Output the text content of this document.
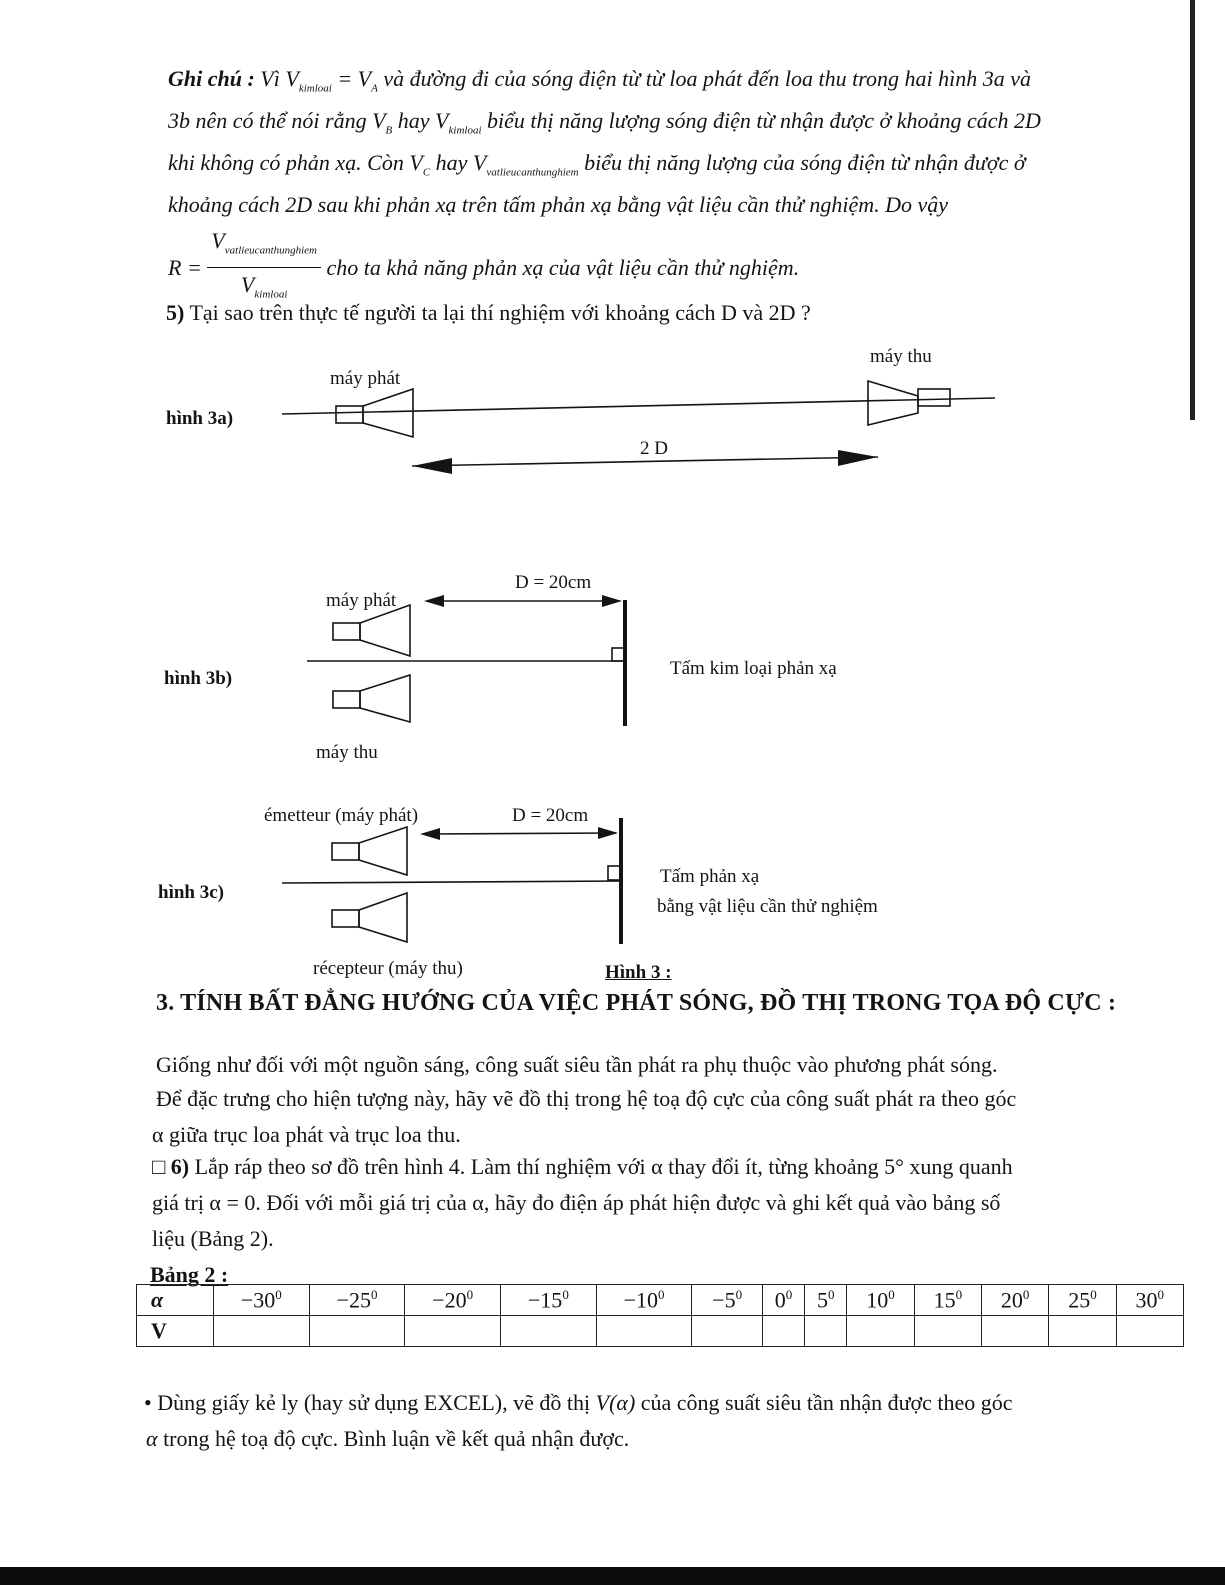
Ghi chú : Vì $V_{kimloai} = V_A$ và đường đi của sóng điện từ từ loa phát đến loa thu trong hai hình 3a và
3b nên có thể nói rằng $V_B$ hay $V_{kimloai}$ biểu thị năng lượng sóng điện từ nhận được ở khoảng cách 2D
khi không có phản xạ. Còn $V_C$ hay $V_{vatlieucanthunghiem}$ biểu thị năng lượng của sóng điện từ nhận được ở
khoảng cách 2D sau khi phản xạ trên tấm phản xạ bằng vật liệu cần thử nghiệm. Do vậy
$R = \frac{V_{vatlieucanthunghiem}}{V_{kimloai}}$ cho ta khả năng phản xạ của vật liệu cần thử nghiệm.
5) Tại sao trên thực tế người ta lại thí nghiệm với khoảng cách D và 2D ?
hình 3a)
máy phát
máy thu
2 D
hình 3b)
máy phát
máy thu
D = 20cm
Tấm kim loại phản xạ
hình 3c)
émetteur (máy phát)
récepteur (máy thu)
D = 20cm
Tấm phản xạ
bằng vật liệu cần thử nghiệm
Hình 3 :
3. TÍNH BẤT ĐẲNG HƯỚNG CỦA VIỆC PHÁT SÓNG, ĐỒ THỊ TRONG TỌA ĐỘ CỰC :
Giống như đối với một nguồn sáng, công suất siêu tần phát ra phụ thuộc vào phương phát sóng.
Để đặc trưng cho hiện tượng này, hãy vẽ đồ thị trong hệ toạ độ cực của công suất phát ra theo góc
α giữa trục loa phát và trục loa thu.
□ 6) Lắp ráp theo sơ đồ trên hình 4. Làm thí nghiệm với α thay đổi ít, từng khoảng 5° xung quanh
giá trị α = 0. Đối với mỗi giá trị của α, hãy đo điện áp phát hiện được và ghi kết quả vào bảng số
liệu (Bảng 2).
Bảng 2 :
α	$-30^0$	$-25^0$	$-20^0$	$-15^0$	$-10^0$	$-5^0$	$0^0$	$5^0$	$10^0$	$15^0$	$20^0$	$25^0$	$30^0$
V													
• Dùng giấy kẻ ly (hay sử dụng EXCEL), vẽ đồ thị V(α) của công suất siêu tần nhận được theo góc
α trong hệ toạ độ cực. Bình luận về kết quả nhận được.
